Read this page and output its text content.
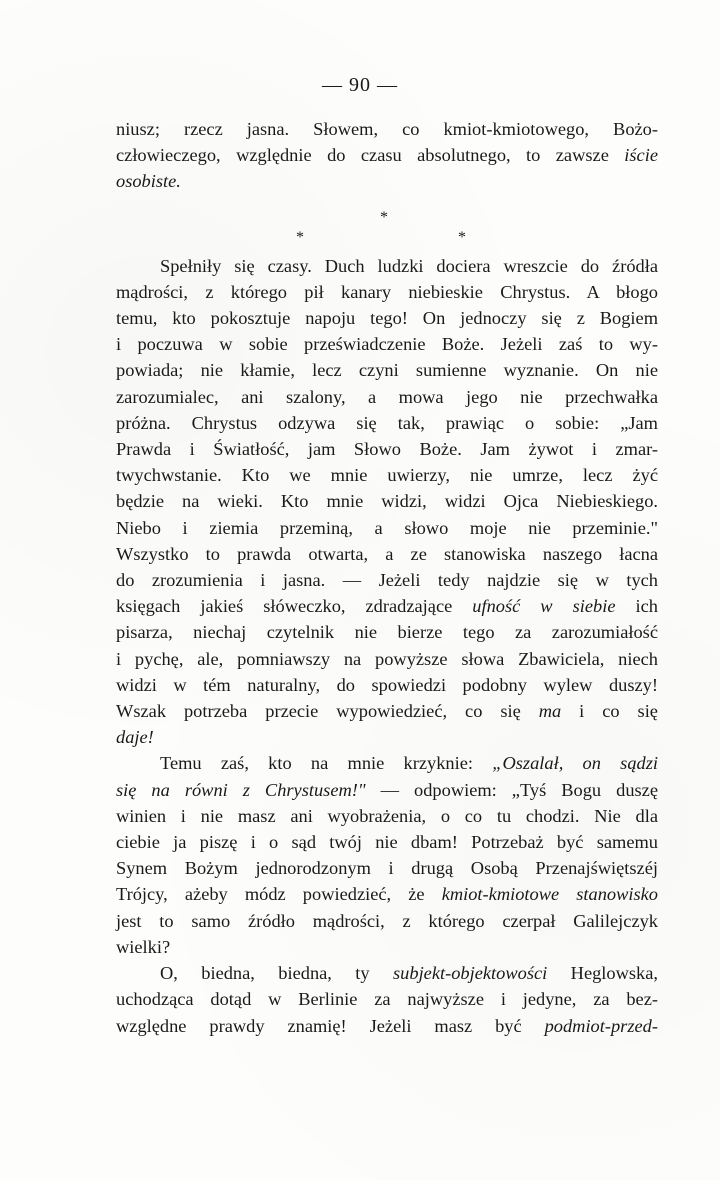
— 90 —

niusz; rzecz jasna. Słowem, co kmiot-kmiotowego, Bożo-
człowieczego, względnie do czasu absolutnego, to zawsze iście
osobiste.

*
*	*

Spełniły się czasy. Duch ludzki dociera wreszcie do źródła
mądrości, z którego pił kanary niebieskie Chrystus. A błogo
temu, kto pokosztuje napoju tego! On jednoczy się z Bogiem
i poczuwa w sobie przeświadczenie Boże. Jeżeli zaś to wy-
powiada; nie kłamie, lecz czyni sumienne wyznanie. On nie
zarozumialec, ani szalony, a mowa jego nie przechwałka
próżna. Chrystus odzywa się tak, prawiąc o sobie: „Jam
Prawda i Światłość, jam Słowo Boże. Jam żywot i zmar-
twychwstanie. Kto we mnie uwierzy, nie umrze, lecz żyć
będzie na wieki. Kto mnie widzi, widzi Ojca Niebieskiego.
Niebo i ziemia przeminą, a słowo moje nie przeminie."
Wszystko to prawda otwarta, a ze stanowiska naszego łacna
do zrozumienia i jasna. — Jeżeli tedy najdzie się w tych
księgach jakieś słóweczko, zdradzające ufność w siebie ich
pisarza, niechaj czytelnik nie bierze tego za zarozumiałość
i pychę, ale, pomniawszy na powyższe słowa Zbawiciela, niech
widzi w tém naturalny, do spowiedzi podobny wylew duszy!
Wszak potrzeba przecie wypowiedzieć, co się ma i co się
daje!

Temu zaś, kto na mnie krzyknie: „Oszalał, on sądzi
się na równi z Chrystusem!" — odpowiem: „Tyś Bogu duszę
winien i nie masz ani wyobrażenia, o co tu chodzi. Nie dla
ciebie ja piszę i o sąd twój nie dbam! Potrzebaż być samemu
Synem Bożym jednorodzonym i drugą Osobą Przenajświętszéj
Trójcy, ażeby módz powiedzieć, że kmiot-kmiotowe stanowisko
jest to samo źródło mądrości, z którego czerpał Galilejczyk
wielki?

O, biedna, biedna, ty subjekt-objektowości Heglowska,
uchodząca dotąd w Berlinie za najwyższe i jedyne, za bez-
względne prawdy znamię! Jeżeli masz być podmiot-przed-
